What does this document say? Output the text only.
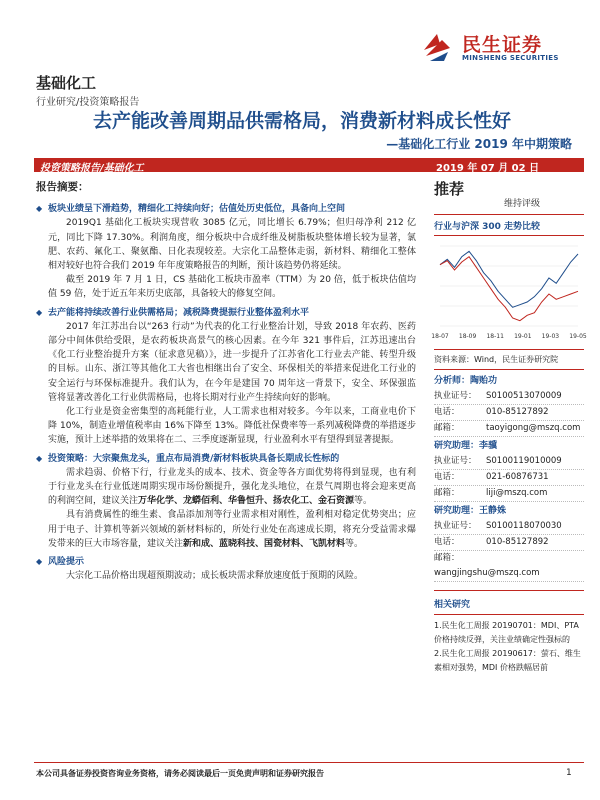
民生证券
MINSHENG SECURITIES
基础化工
行业研究/投资策略报告
去产能改善周期品供需格局，消费新材料成长性好
—基础化工行业 2019 年中期策略
投资策略报告/基础化工	2019 年 07 月 02 日
报告摘要：
◆ 板块业绩呈下滑趋势，精细化工持续向好；估值处历史低位，具备向上空间

2019Q1 基础化工板块实现营收 3085 亿元，同比增长 6.79%；但归母净利 212 亿元，同比下降 17.30%。利润角度，细分板块中合成纤维及树脂板块整体增长较为显著，氯肥、农药、氟化工、聚氨酯、日化表现较差。大宗化工品整体走弱，新材料、精细化工整体相对较好也符合我们 2019 年年度策略报告的判断，预计该趋势仍将延续。

截至 2019 年 7 月 1 日，CS 基础化工板块市盈率（TTM）为 20 倍，低于板块估值均值 59 倍，处于近五年来历史底部，具备较大的修复空间。

◆ 去产能将持续改善行业供需格局；减税降费提振行业整体盈利水平

2017 年江苏出台以“263 行动”为代表的化工行业整治计划，导致 2018 年农药、医药部分中间体供给受限，是农药板块高景气的核心因素。在今年 321 事件后，江苏迅速出台《化工行业整治提升方案（征求意见稿）》，进一步提升了江苏省化工行业去产能、转型升级的目标。山东、浙江等其他化工大省也相继出台了安全、环保相关的举措来促进化工行业的安全运行与环保标准提升。我们认为，在今年是建国 70 周年这一背景下，安全、环保强监管将显著改善化工行业供需格局，也将长期对行业产生持续向好的影响。

化工行业是资金密集型的高耗能行业，人工需求也相对较多。今年以来，工商业电价下降 10%，制造业增值税率由 16%下降至 13%。降低社保费率等一系列减税降费的举措逐步实施，预计上述举措的效果将在二、三季度逐渐显现，行业盈利水平有望得到显著提振。

◆ 投资策略：大宗聚焦龙头，重点布局消费/新材料板块具备长期成长性标的

需求趋弱、价格下行，行业龙头的成本、技术、资金等各方面优势将得到显现，也有利于行业龙头在行业低迷周期实现市场份额提升，强化龙头地位，在景气周期也将会迎来更高的利润空间，建议关注万华化学、龙蟒佰利、华鲁恒升、扬农化工、金石资源等。

具有消费属性的维生素、食品添加剂等行业需求相对刚性，盈利相对稳定优势突出；应用于电子、计算机等新兴领域的新材料标的，所处行业处在高速成长期，将充分受益需求爆发带来的巨大市场容量，建议关注新和成、蓝晓科技、国瓷材料、飞凯材料等。

◆ 风险提示

大宗化工品价格出现超预期波动；成长板块需求释放速度低于预期的风险。

推荐
维持评级
行业与沪深 300 走势比较
18-07 18-09 18-11 19-01 19-03 19-05
资料来源：Wind，民生证券研究院
分析师：陶贻功
执业证号： S0100513070009
电话：	010-85127892
邮箱：	taoyigong@mszq.com
研究助理：李骥
执业证号： S0100119010009
电话：	021-60876731
邮箱：	liji@mszq.com
研究助理：王静姝
执业证号： S0100118070030
电话：	010-85127892
邮箱：wangjingshu@mszq.com
相关研究
1.民生化工周报 20190701：MDI、PTA 价格持续反弹，关注业绩确定性强标的
2.民生化工周报 20190617：萤石、维生素相对强势，MDI 价格跌幅居前
本公司具备证券投资咨询业务资格，请务必阅读最后一页免责声明和证券研究报告	1
